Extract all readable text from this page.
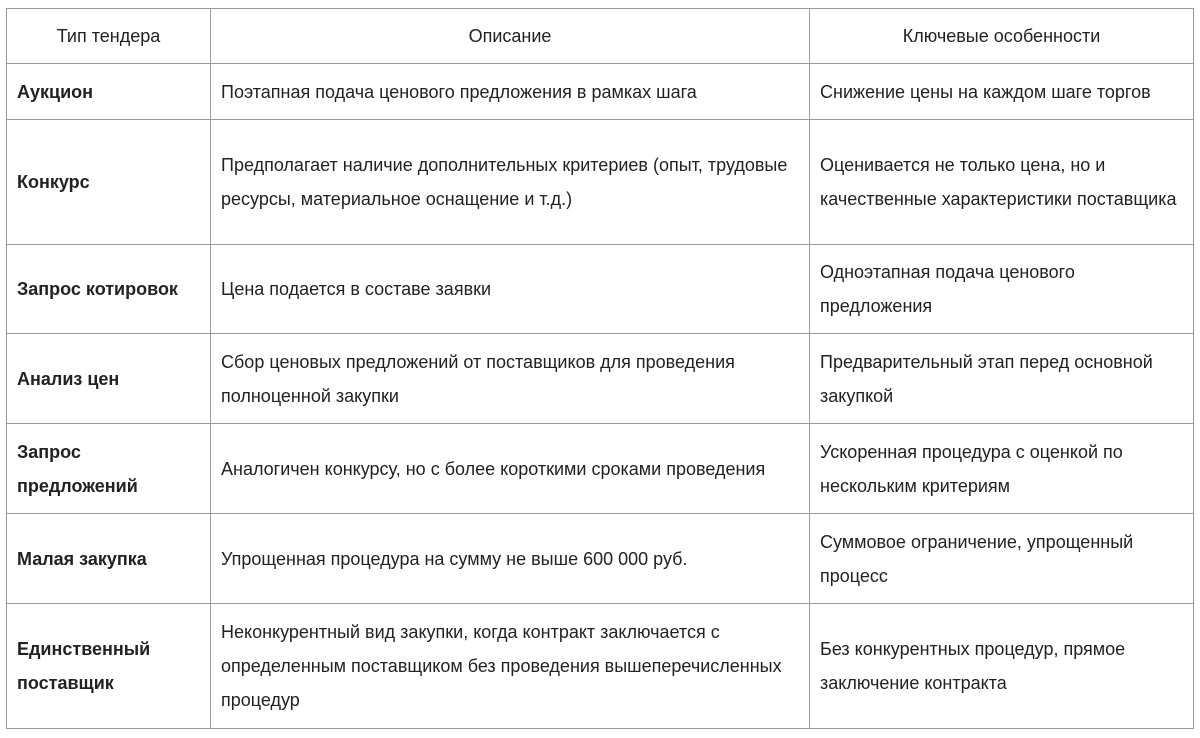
Тип тендера	Описание	Ключевые особенности
Аукцион	Поэтапная подача ценового предложения в рамках шага	Снижение цены на каждом шаге торгов
Конкурс	Предполагает наличие дополнительных критериев (опыт, трудовые ресурсы, материальное оснащение и т.д.)	Оценивается не только цена, но и качественные характеристики поставщика
Запрос котировок	Цена подается в составе заявки	Одноэтапная подача ценового предложения
Анализ цен	Сбор ценовых предложений от поставщиков для проведения полноценной закупки	Предварительный этап перед основной закупкой
Запрос предложений	Аналогичен конкурсу, но с более короткими сроками проведения	Ускоренная процедура с оценкой по нескольким критериям
Малая закупка	Упрощенная процедура на сумму не выше 600 000 руб.	Суммовое ограничение, упрощенный процесс
Единственный поставщик	Неконкурентный вид закупки, когда контракт заключается с определенным поставщиком без проведения вышеперечисленных процедур	Без конкурентных процедур, прямое заключение контракта
